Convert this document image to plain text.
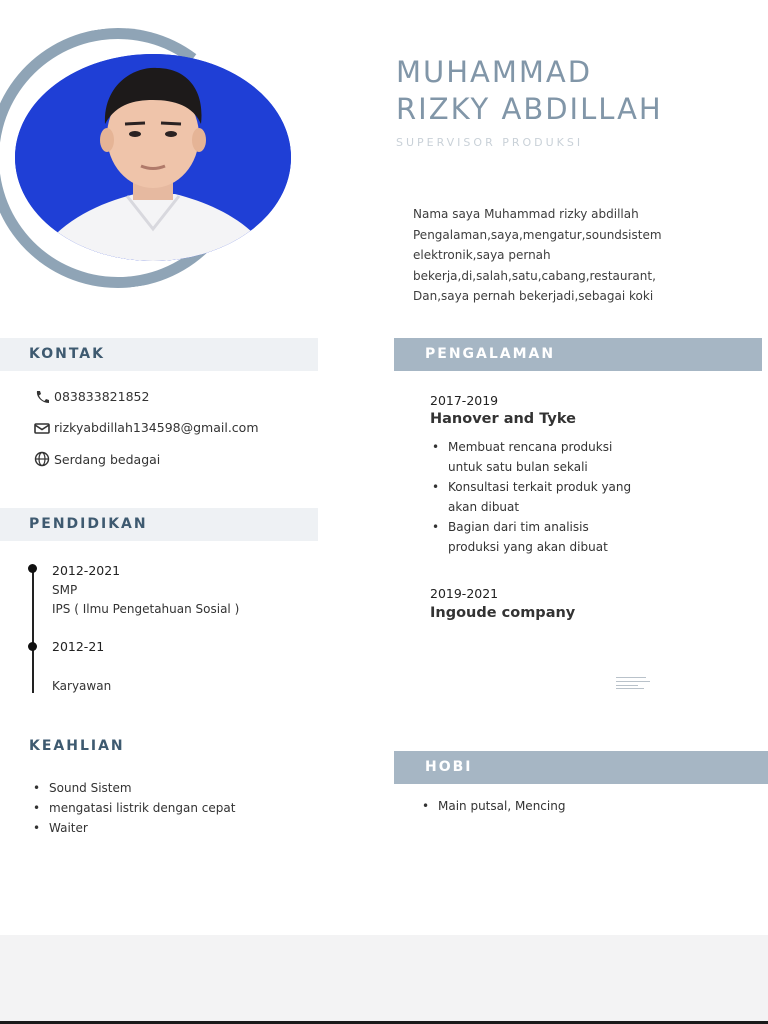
MUHAMMAD
RIZKY ABDILLAH
SUPERVISOR PRODUKSI
Nama saya Muhammad rizky abdillah
Pengalaman,saya,mengatur,soundsistem
elektronik,saya pernah
bekerja,di,salah,satu,cabang,restaurant,
Dan,saya pernah bekerjadi,sebagai koki
KONTAK
083833821852
rizkyabdillah134598@gmail.com
Serdang bedagai
PENDIDIKAN
2012-2021
SMP
IPS ( Ilmu Pengetahuan Sosial )
2012-21
Karyawan
KEAHLIAN
• Sound Sistem
• mengatasi listrik dengan cepat
• Waiter
PENGALAMAN
2017-2019
Hanover and Tyke
• Membuat rencana produksi
untuk satu bulan sekali
• Konsultasi terkait produk yang
akan dibuat
• Bagian dari tim analisis
produksi yang akan dibuat
2019-2021
Ingoude company
HOBI
• Main putsal, Mencing
